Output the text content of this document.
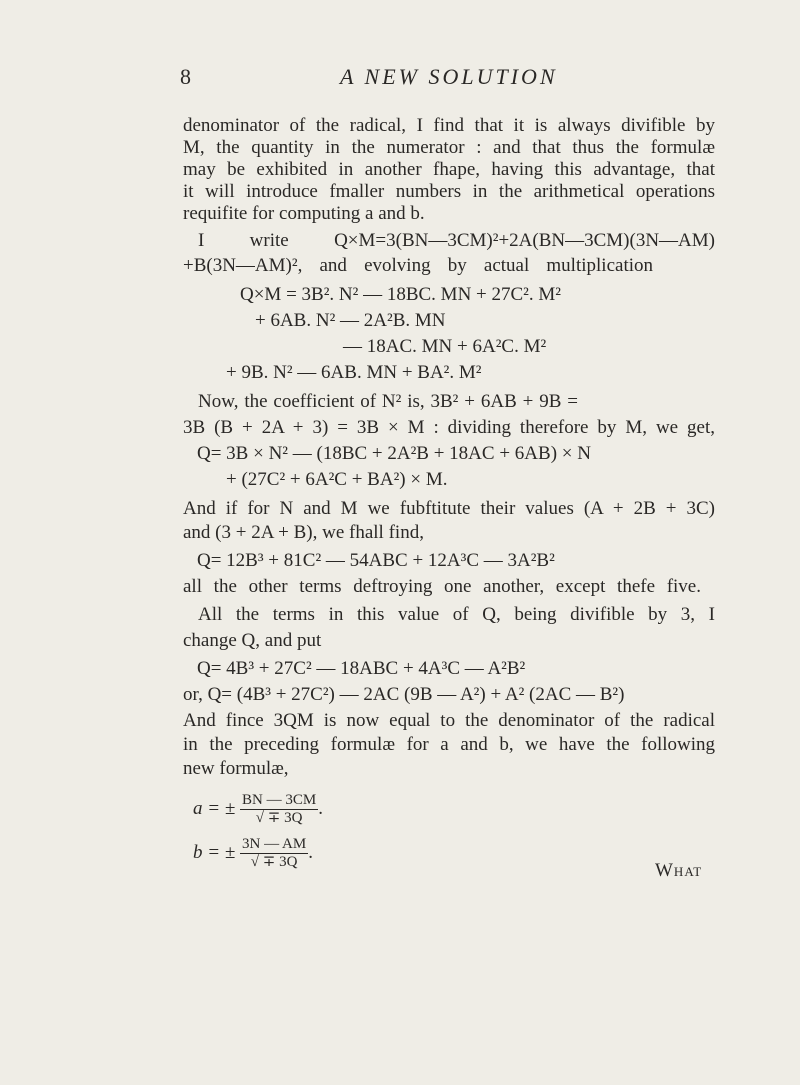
8	A NEW SOLUTION
denominator of the radical, I find that it is always divifible by
M, the quantity in the numerator : and that thus the formulæ
may be exhibited in another fhape, having this advantage, that
it will introduce fmaller numbers in the arithmetical operations
requifite for computing a and b.
I write Q×M=3(BN—3CM)²+2A(BN—3CM)(3N—AM)
+B(3N—AM)², and evolving by actual multiplication
Q×M = 3B². N² — 18BC. MN + 27C². M²
+ 6AB. N² — 2A²B. MN
— 18AC. MN + 6A²C. M²
+ 9B. N² — 6AB. MN + BA². M²
Now, the coefficient of N² is, 3B² + 6AB + 9B =
3B (B + 2A + 3) = 3B × M : dividing therefore by M, we get,
Q= 3B × N² — (18BC + 2A²B + 18AC + 6AB) × N
+ (27C² + 6A²C + BA²) × M.
And if for N and M we fubftitute their values (A + 2B + 3C)
and (3 + 2A + B), we fhall find,
Q= 12B³ + 81C² — 54ABC + 12A³C — 3A²B²
all the other terms deftroying one another, except thefe five.
All the terms in this value of Q, being divifible by 3, I
change Q, and put
Q= 4B³ + 27C² — 18ABC + 4A³C — A²B²
or, Q= (4B³ + 27C²) — 2AC (9B — A²) + A² (2AC — B²)
And fince 3QM is now equal to the denominator of the radical
in the preceding formulæ for a and b, we have the following
new formulæ,
a = ± $\frac{BN — 3CM}{√ \mp 3Q}$ .
b = ± $\frac{3N — AM}{√ \mp 3Q}$ .
What
